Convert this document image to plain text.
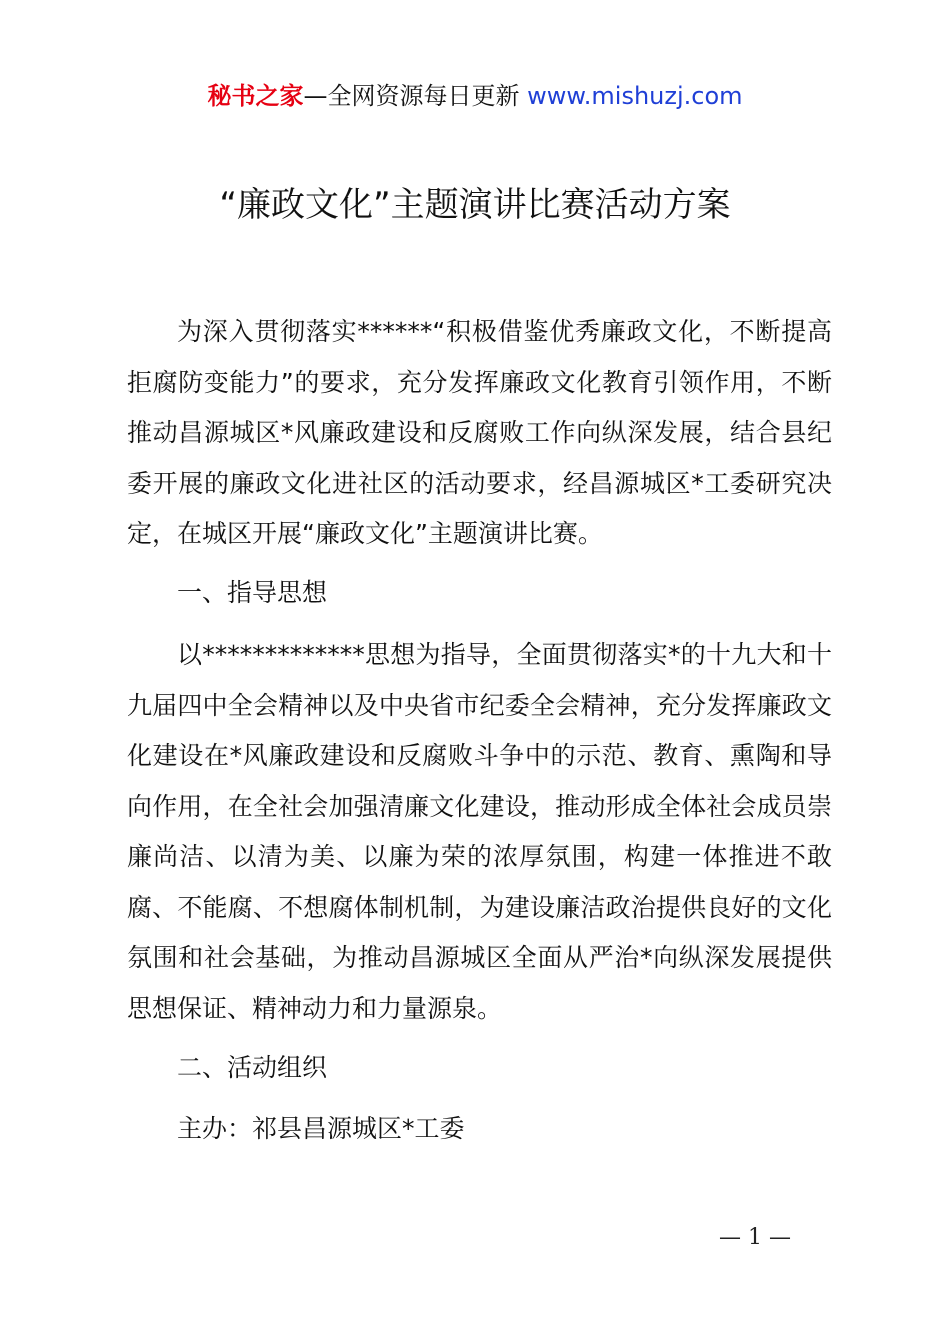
秘书之家—全网资源每日更新 www.mishuzj.com
“廉政文化”主题演讲比赛活动方案

为深入贯彻落实******“积极借鉴优秀廉政文化，不断提高拒腐防变能力”的要求，充分发挥廉政文化教育引领作用，不断推动昌源城区*风廉政建设和反腐败工作向纵深发展，结合县纪委开展的廉政文化进社区的活动要求，经昌源城区*工委研究决定，在城区开展“廉政文化”主题演讲比赛。

一、指导思想

以*************思想为指导，全面贯彻落实*的十九大和十九届四中全会精神以及中央省市纪委全会精神，充分发挥廉政文化建设在*风廉政建设和反腐败斗争中的示范、教育、熏陶和导向作用，在全社会加强清廉文化建设，推动形成全体社会成员崇廉尚洁、以清为美、以廉为荣的浓厚氛围，构建一体推进不敢腐、不能腐、不想腐体制机制，为建设廉洁政治提供良好的文化氛围和社会基础，为推动昌源城区全面从严治*向纵深发展提供思想保证、精神动力和力量源泉。

二、活动组织

主办：祁县昌源城区*工委

— 1 —
